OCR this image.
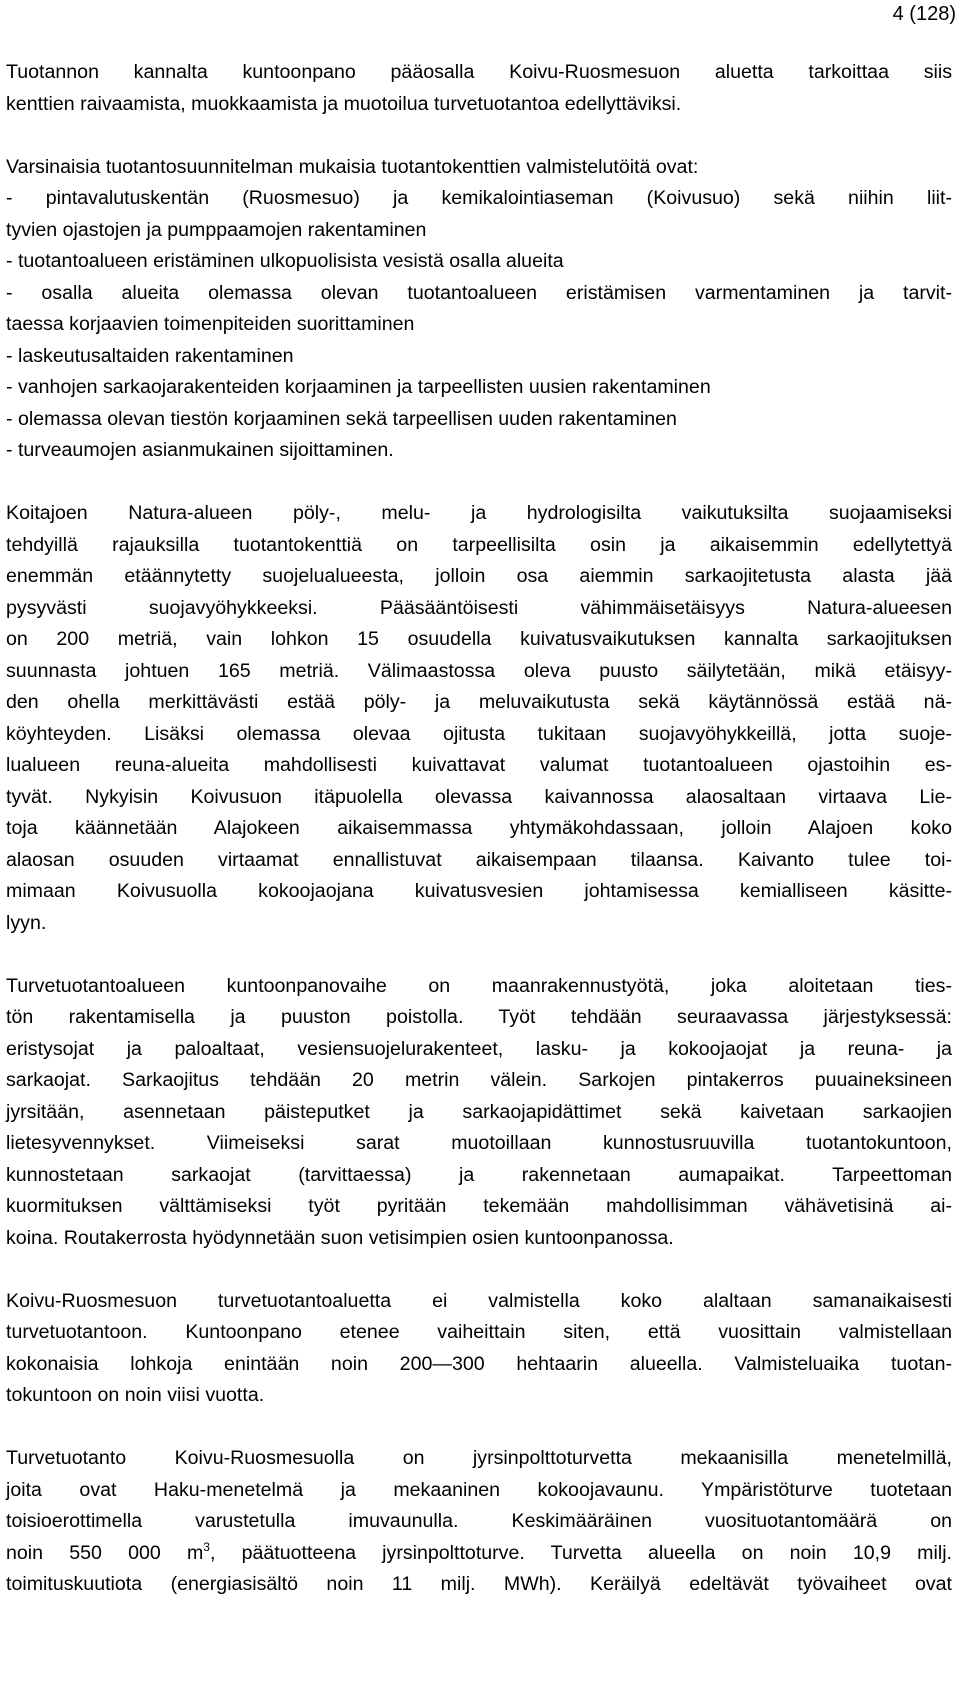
4 (128)
Tuotannon kannalta kuntoonpano pääosalla Koivu-Ruosmesuon aluetta tarkoittaa siis
kenttien raivaamista, muokkaamista ja muotoilua turvetuotantoa edellyttäviksi.
Varsinaisia tuotantosuunnitelman mukaisia tuotantokenttien valmistelutöitä ovat:
- pintavalutuskentän (Ruosmesuo) ja kemikalointiaseman (Koivusuo) sekä niihin liit-
tyvien ojastojen ja pumppaamojen rakentaminen
- tuotantoalueen eristäminen ulkopuolisista vesistä osalla alueita
- osalla alueita olemassa olevan tuotantoalueen eristämisen varmentaminen ja tarvit-
taessa korjaavien toimenpiteiden suorittaminen
- laskeutusaltaiden rakentaminen
- vanhojen sarkaojarakenteiden korjaaminen ja tarpeellisten uusien rakentaminen
- olemassa olevan tiestön korjaaminen sekä tarpeellisen uuden rakentaminen
- turveaumojen asianmukainen sijoittaminen.
Koitajoen Natura-alueen pöly-, melu- ja hydrologisilta vaikutuksilta suojaamiseksi
tehdyillä rajauksilla tuotantokenttiä on tarpeellisilta osin ja aikaisemmin edellytettyä
enemmän etäännytetty suojelualueesta, jolloin osa aiemmin sarkaojitetusta alasta jää
pysyvästi suojavyöhykkeeksi. Pääsääntöisesti vähimmäisetäisyys Natura-alueesen
on 200 metriä, vain lohkon 15 osuudella kuivatusvaikutuksen kannalta sarkaojituksen
suunnasta johtuen 165 metriä. Välimaastossa oleva puusto säilytetään, mikä etäisyy-
den ohella merkittävästi estää pöly- ja meluvaikutusta sekä käytännössä estää nä-
köyhteyden. Lisäksi olemassa olevaa ojitusta tukitaan suojavyöhykkeillä, jotta suoje-
lualueen reuna-alueita mahdollisesti kuivattavat valumat tuotantoalueen ojastoihin es-
tyvät. Nykyisin Koivusuon itäpuolella olevassa kaivannossa alaosaltaan virtaava Lie-
toja käännetään Alajokeen aikaisemmassa yhtymäkohdassaan, jolloin Alajoen koko
alaosan osuuden virtaamat ennallistuvat aikaisempaan tilaansa. Kaivanto tulee toi-
mimaan Koivusuolla kokoojaojana kuivatusvesien johtamisessa kemialliseen käsitte-
lyyn.
Turvetuotantoalueen kuntoonpanovaihe on maanrakennustyötä, joka aloitetaan ties-
tön rakentamisella ja puuston poistolla. Työt tehdään seuraavassa järjestyksessä:
eristysojat ja paloaltaat, vesiensuojelurakenteet, lasku- ja kokoojaojat ja reuna- ja
sarkaojat. Sarkaojitus tehdään 20 metrin välein. Sarkojen pintakerros puuaineksineen
jyrsitään, asennetaan päisteputket ja sarkaojapidättimet sekä kaivetaan sarkaojien
lietesyvennykset. Viimeiseksi sarat muotoillaan kunnostusruuvilla tuotantokuntoon,
kunnostetaan sarkaojat (tarvittaessa) ja rakennetaan aumapaikat. Tarpeettoman
kuormituksen välttämiseksi työt pyritään tekemään mahdollisimman vähävetisinä ai-
koina. Routakerrosta hyödynnetään suon vetisimpien osien kuntoonpanossa.
Koivu-Ruosmesuon turvetuotantoaluetta ei valmistella koko alaltaan samanaikaisesti
turvetuotantoon. Kuntoonpano etenee vaiheittain siten, että vuosittain valmistellaan
kokonaisia lohkoja enintään noin 200—300 hehtaarin alueella. Valmisteluaika tuotan-
tokuntoon on noin viisi vuotta.
Turvetuotanto Koivu-Ruosmesuolla on jyrsinpolttoturvetta mekaanisilla menetelmillä,
joita ovat Haku-menetelmä ja mekaaninen kokoojavaunu. Ympäristöturve tuotetaan
toisioerottimella varustetulla imuvaunulla. Keskimääräinen vuosituotantomäärä on
noin 550 000 $m^3$, päätuotteena jyrsinpolttoturve. Turvetta alueella on noin 10,9 milj.
toimituskuutiota (energiasisältö noin 11 milj. MWh). Keräilyä edeltävät työvaiheet ovat
